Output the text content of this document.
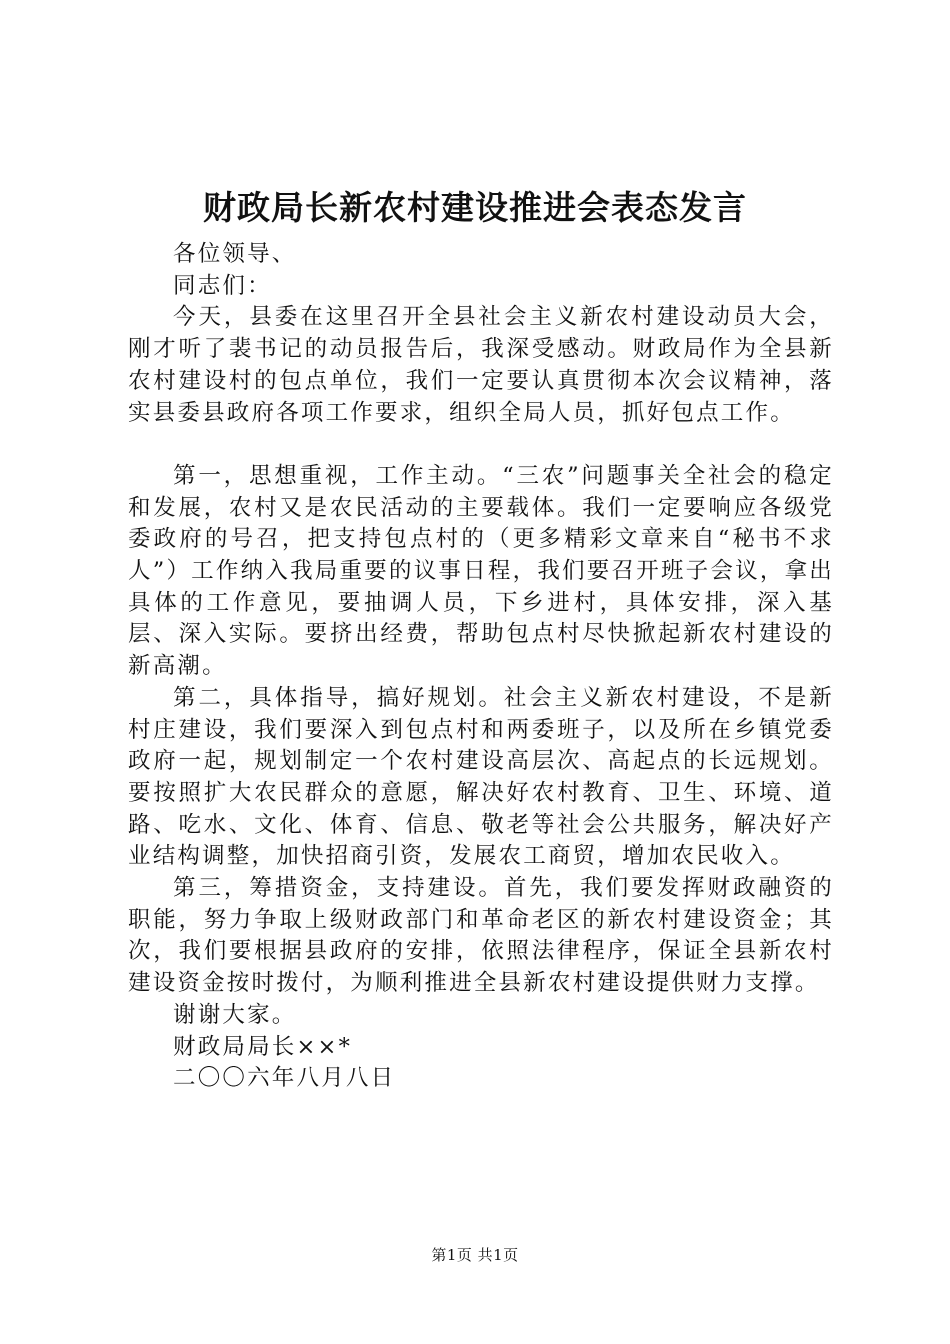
财政局长新农村建设推进会表态发言

各位领导、

同志们：

今天，县委在这里召开全县社会主义新农村建设动员大会，刚才听了裴书记的动员报告后，我深受感动。财政局作为全县新农村建设村的包点单位，我们一定要认真贯彻本次会议精神，落实县委县政府各项工作要求，组织全局人员，抓好包点工作。

第一，思想重视，工作主动。“三农”问题事关全社会的稳定和发展，农村又是农民活动的主要载体。我们一定要响应各级党委政府的号召，把支持包点村的（更多精彩文章来自“秘书不求人”）工作纳入我局重要的议事日程，我们要召开班子会议，拿出具体的工作意见，要抽调人员，下乡进村，具体安排，深入基层、深入实际。要挤出经费，帮助包点村尽快掀起新农村建设的新高潮。

第二，具体指导，搞好规划。社会主义新农村建设，不是新村庄建设，我们要深入到包点村和两委班子，以及所在乡镇党委政府一起，规划制定一个农村建设高层次、高起点的长远规划。要按照扩大农民群众的意愿，解决好农村教育、卫生、环境、道路、吃水、文化、体育、信息、敬老等社会公共服务，解决好产业结构调整，加快招商引资，发展农工商贸，增加农民收入。

第三，筹措资金，支持建设。首先，我们要发挥财政融资的职能，努力争取上级财政部门和革命老区的新农村建设资金；其次，我们要根据县政府的安排，依照法律程序，保证全县新农村建设资金按时拨付，为顺利推进全县新农村建设提供财力支撑。

谢谢大家。

财政局局长××*

二〇〇六年八月八日

第1页 共1页
